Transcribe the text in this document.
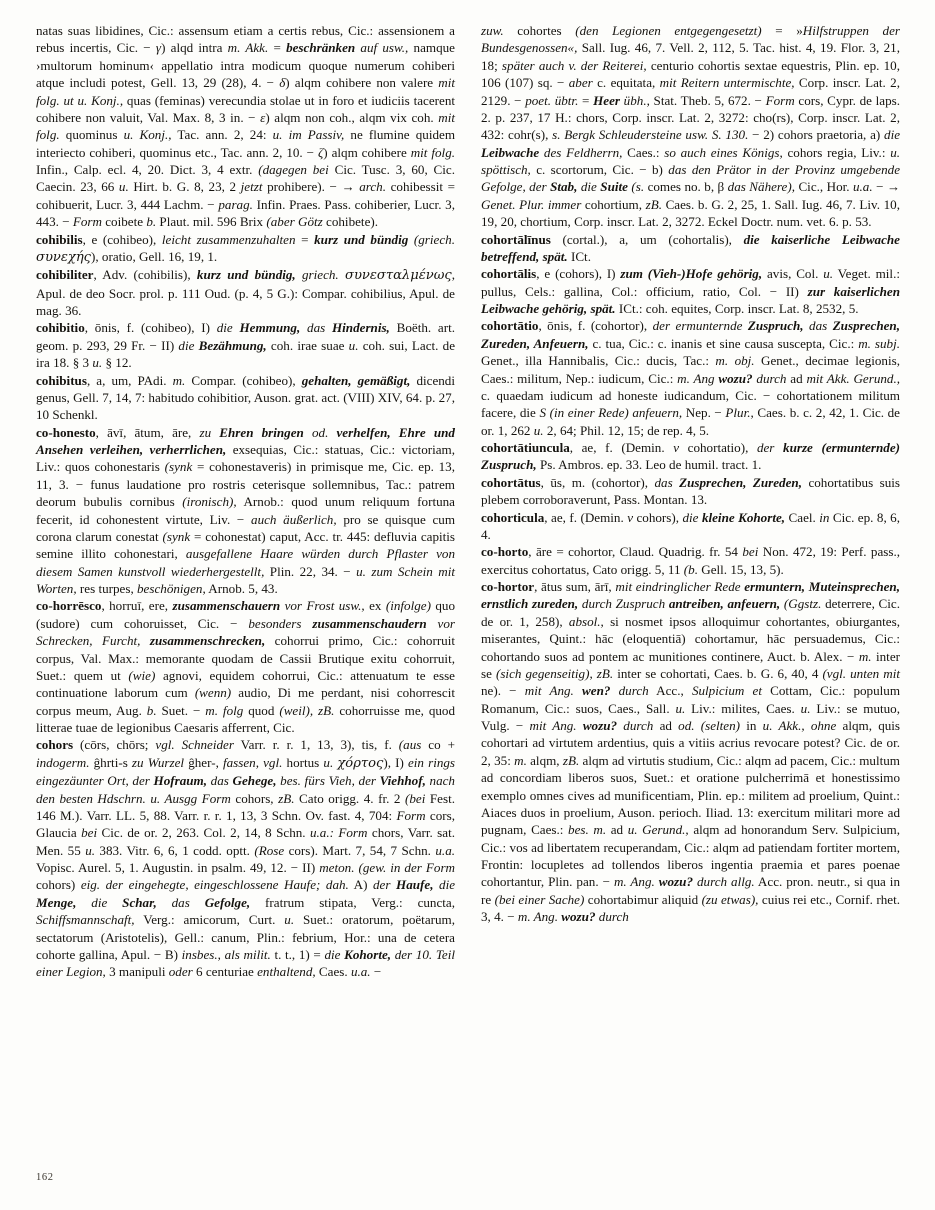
natas suas libidines, Cic.: assensum etiam a certis rebus, Cic.: assensionem a rebus incertis, Cic. − γ) alqd intra m. Akk. = beschränken auf usw., namque ›multorum hominum‹ appellatio intra modicum quoque numerum cohiberi atque includi potest, Gell. 13, 29 (28), 4. − δ) alqm cohibere non valere mit folg. ut u. Konj., quas (feminas) verecundia stolae ut in foro et iudiciis tacerent cohibere non valuit, Val. Max. 8, 3 in. − ε) alqm non coh., alqm vix coh. mit folg. quominus u. Konj., Tac. ann. 2, 24: u. im Passiv, ne flumine quidem interiecto cohiberi, quominus etc., Tac. ann. 2, 10. − ζ) alqm cohibere mit folg. Infin., Calp. ecl. 4, 20. Dict. 3, 4 extr. (dagegen bei Cic. Tusc. 3, 60, Cic. Caecin. 23, 66 u. Hirt. b. G. 8, 23, 2 jetzt prohibere). − → arch. cohibessit = cohibuerit, Lucr. 3, 444 Lachm. − parag. Infin. Praes. Pass. cohiberier, Lucr. 3, 443. − Form coibete b. Plaut. mil. 596 Brix (aber Götz cohibete).

cohibilis, e (cohibeo), leicht zusammenzuhalten = kurz und bündig (griech. συνεχής), oratio, Gell. 16, 19, 1.

cohibiliter, Adv. (cohibilis), kurz und bündig, griech. συνεσταλμένως, Apul. de deo Socr. prol. p. 111 Oud. (p. 4, 5 G.): Compar. cohibilius, Apul. de mag. 36.

cohibitio, ōnis, f. (cohibeo), I) die Hemmung, das Hindernis, Boëth. art. geom. p. 293, 29 Fr. − II) die Bezähmung, coh. irae suae u. coh. sui, Lact. de ira 18. § 3 u. § 12.

cohibitus, a, um, PAdi. m. Compar. (cohibeo), gehalten, gemäßigt, dicendi genus, Gell. 7, 14, 7: habitudo cohibitior, Auson. grat. act. (VIII) XIV, 64. p. 27, 10 Schenkl.

co-honesto, āvī, ātum, āre, zu Ehren bringen od. verhelfen, Ehre und Ansehen verleihen, verherrlichen, exsequias, Cic.: statuas, Cic.: victoriam, Liv.: quos cohonestaris (synk = cohonestaveris) in primisque me, Cic. ep. 13, 11, 3. − funus laudatione pro rostris ceterisque sollemnibus, Tac.: patrem deorum bubulis cornibus (ironisch), Arnob.: quod unum reliquum fortuna fecerit, id cohonestent virtute, Liv. − auch äußerlich, pro se quisque cum corona clarum conestat (synk = cohonestat) caput, Acc. tr. 445: defluvia capitis semine illito cohonestari, ausgefallene Haare würden durch Pflaster von diesem Samen kunstvoll wiederhergestellt, Plin. 22, 34. − u. zum Schein mit Worten, res turpes, beschönigen, Arnob. 5, 43.

co-horrēsco, horruī, ere, zusammenschauern vor Frost usw., ex (infolge) quo (sudore) cum cohoruisset, Cic. − besonders zusammenschaudern vor Schrecken, Furcht, zusammenschrecken, cohorrui primo, Cic.: cohorruit corpus, Val. Max.: memorante quodam de Cassii Brutique exitu cohorruit, Suet.: quem ut (wie) agnovi, equidem cohorrui, Cic.: attenuatum te esse continuatione laborum cum (wenn) audio, Di me perdant, nisi cohorrescit corpus meum, Aug. b. Suet. − m. folg quod (weil), zB. cohorruisse me, quod litterae tuae de legionibus Caesaris afferrent, Cic.

cohors (cōrs, chōrs; vgl. Schneider Varr. r. r. 1, 13, 3), tis, f. (aus co + indogerm. ĝhrti-s zu Wurzel ĝher-, fassen, vgl. hortus u. χόρτος), I) ein rings eingezäunter Ort, der Hofraum, das Gehege, bes. fürs Vieh, der Viehhof, nach den besten Hdschrn. u. Ausgg Form cohors, zB. Cato origg. 4. fr. 2 (bei Fest. 146 M.). Varr. LL. 5, 88. Varr. r. r. 1, 13, 3 Schn. Ov. fast. 4, 704: Form cors, Glaucia bei Cic. de or. 2, 263. Col. 2, 14, 8 Schn. u.a.: Form chors, Varr. sat. Men. 55 u. 383. Vitr. 6, 6, 1 codd. optt. (Rose cors). Mart. 7, 54, 7 Schn. u.a. Vopisc. Aurel. 5, 1. Augustin. in psalm. 49, 12. − II) meton. (gew. in der Form cohors) eig. der eingehegte, eingeschlossene Haufe; dah. A) der Haufe, die Menge, die Schar, das Gefolge, fratrum stipata, Verg.: cuncta, Schiffsmannschaft, Verg.: amicorum, Curt. u. Suet.: oratorum, poëtarum, sectatorum (Aristotelis), Gell.: canum, Plin.: febrium, Hor.: una de cetera cohorte gallina, Apul. − B) insbes., als milit. t. t., 1) = die Kohorte, der 10. Teil einer Legion, 3 manipuli oder 6 centuriae enthaltend, Caes. u.a. −

zuw. cohortes (den Legionen entgegengesetzt) = »Hilfstruppen der Bundesgenossen«, Sall. Iug. 46, 7. Vell. 2, 112, 5. Tac. hist. 4, 19. Flor. 3, 21, 18; später auch v. der Reiterei, centurio cohortis sextae equestris, Plin. ep. 10, 106 (107) sq. − aber c. equitata, mit Reitern untermischte, Corp. inscr. Lat. 2, 2129. − poet. übtr. = Heer übh., Stat. Theb. 5, 672. − Form cors, Cypr. de laps. 2. p. 237, 17 H.: chors, Corp. inscr. Lat. 2, 3272: cho(rs), Corp. inscr. Lat. 2, 432: cohr(s), s. Bergk Schleudersteine usw. S. 130. − 2) cohors praetoria, a) die Leibwache des Feldherrn, Caes.: so auch eines Königs, cohors regia, Liv.: u. spöttisch, c. scortorum, Cic. − b) das den Prätor in der Provinz umgebende Gefolge, der Stab, die Suite (s. comes no. b, β das Nähere), Cic., Hor. u.a. − → Genet. Plur. immer cohortium, zB. Caes. b. G. 2, 25, 1. Sall. Iug. 46, 7. Liv. 10, 19, 20, chortium, Corp. inscr. Lat. 2, 3272. Eckel Doctr. num. vet. 6. p. 53.

cohortālīnus (cortal.), a, um (cohortalis), die kaiserliche Leibwache betreffend, spät. ICt.

cohortālis, e (cohors), I) zum (Vieh-)Hofe gehörig, avis, Col. u. Veget. mil.: pullus, Cels.: gallina, Col.: officium, ratio, Col. − II) zur kaiserlichen Leibwache gehörig, spät. ICt.: coh. equites, Corp. inscr. Lat. 8, 2532, 5.

cohortātio, ōnis, f. (cohortor), der ermunternde Zuspruch, das Zusprechen, Zureden, Anfeuern, c. tua, Cic.: c. inanis et sine causa suscepta, Cic.: m. subj. Genet., illa Hannibalis, Cic.: ducis, Tac.: m. obj. Genet., decimae legionis, Caes.: militum, Nep.: iudicum, Cic.: m. Ang wozu? durch ad mit Akk. Gerund., c. quaedam iudicum ad honeste iudicandum, Cic. − cohortationem militum facere, die S (in einer Rede) anfeuern, Nep. − Plur., Caes. b. c. 2, 42, 1. Cic. de or. 1, 262 u. 2, 64; Phil. 12, 15; de rep. 4, 5.

cohortātiuncula, ae, f. (Demin. v cohortatio), der kurze (ermunternde) Zuspruch, Ps. Ambros. ep. 33. Leo de humil. tract. 1.

cohortātus, ūs, m. (cohortor), das Zusprechen, Zureden, cohortatibus suis plebem corroboraverunt, Pass. Montan. 13.

cohorticula, ae, f. (Demin. v cohors), die kleine Kohorte, Cael. in Cic. ep. 8, 6, 4.

co-horto, āre = cohortor, Claud. Quadrig. fr. 54 bei Non. 472, 19: Perf. pass., exercitus cohortatus, Cato origg. 5, 11 (b. Gell. 15, 13, 5).

co-hortor, ātus sum, ārī, mit eindringlicher Rede ermuntern, Muteinsprechen, ernstlich zureden, durch Zuspruch antreiben, anfeuern, (Ggstz. deterrere, Cic. de or. 1, 258), absol., si nosmet ipsos alloquimur cohortantes, obiurgantes, miserantes, Quint.: hāc (eloquentiā) cohortamur, hāc persuademus, Cic.: cohortando suos ad pontem ac munitiones continere, Auct. b. Alex. − m. inter se (sich gegenseitig), zB. inter se cohortati, Caes. b. G. 6, 40, 4 (vgl. unten mit ne). − mit Ang. wen? durch Acc., Sulpicium et Cottam, Cic.: populum Romanum, Cic.: suos, Caes., Sall. u. Liv.: milites, Caes. u. Liv.: se mutuo, Vulg. − mit Ang. wozu? durch ad od. (selten) in u. Akk., ohne alqm, quis cohortari ad virtutem ardentius, quis a vitiis acrius revocare potest? Cic. de or. 2, 35: m. alqm, zB. alqm ad virtutis studium, Cic.: alqm ad pacem, Cic.: multum ad concordiam liberos suos, Suet.: et oratione pulcherrimā et honestissimo exemplo omnes cives ad munificentiam, Plin. ep.: militem ad proelium, Quint.: Aiaces duos in proelium, Auson. perioch. Iliad. 13: exercitum militari more ad pugnam, Caes.: bes. m. ad u. Gerund., alqm ad honorandum Serv. Sulpicium, Cic.: vos ad libertatem recuperandam, Cic.: alqm ad patiendam fortiter mortem, Frontin: locupletes ad tollendos liberos ingentia praemia et pares poenae cohortantur, Plin. pan. − m. Ang. wozu? durch allg. Acc. pron. neutr., si qua in re (bei einer Sache) cohortabimur aliquid (zu etwas), cuius rei etc., Cornif. rhet. 3, 4. − m. Ang. wozu? durch

162
